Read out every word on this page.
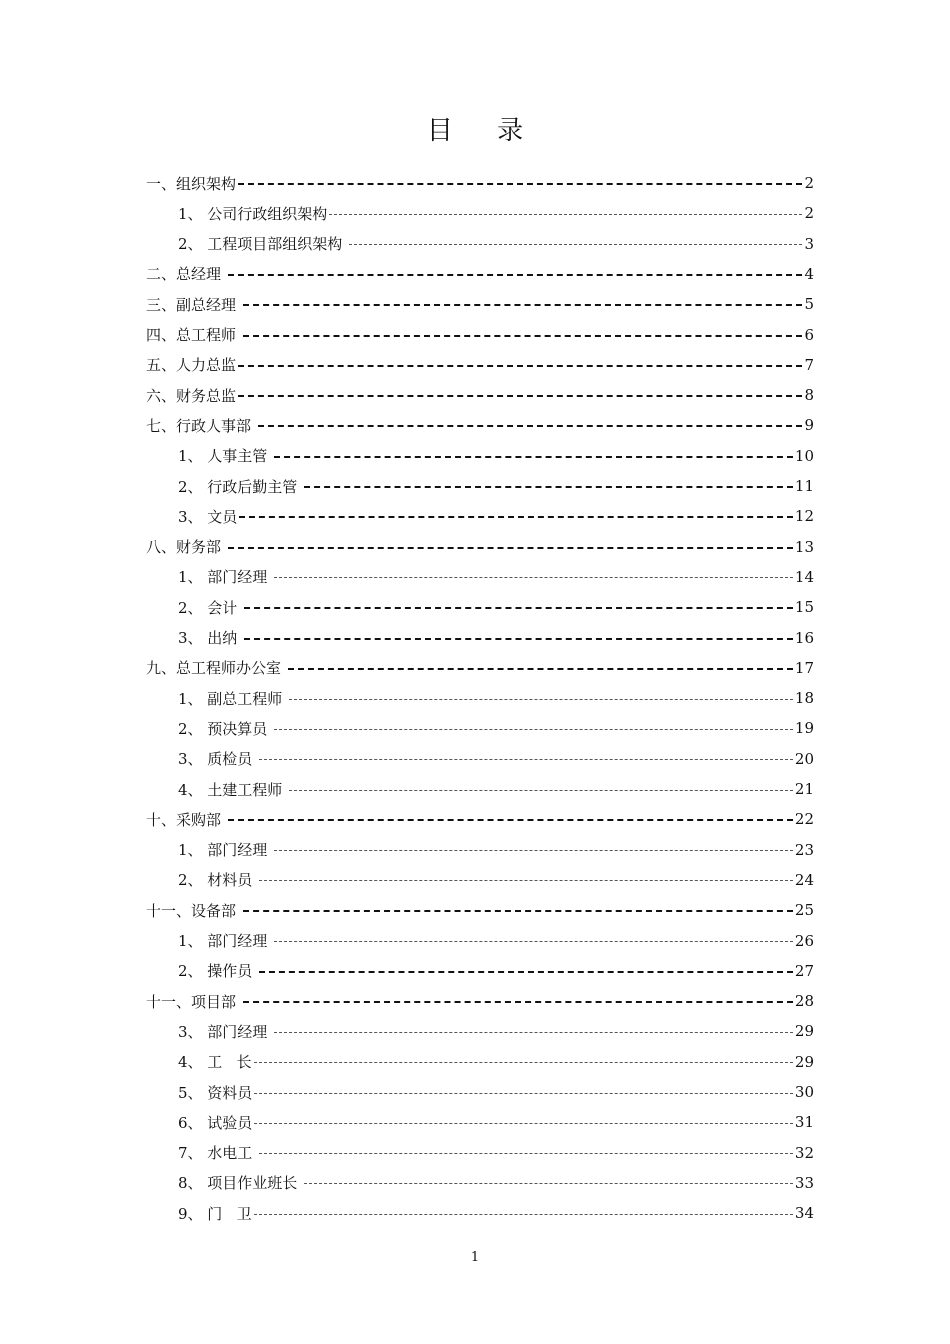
目 录
一、组织架构	2
1、 公司行政组织架构	2
2、 工程项目部组织架构	3
二、总经理	4
三、副总经理	5
四、总工程师	6
五、人力总监	7
六、财务总监	8
七、行政人事部	9
1、 人事主管	10
2、 行政后勤主管	11
3、 文员	12
八、财务部	13
1、 部门经理	14
2、 会计	15
3、 出纳	16
九、总工程师办公室	17
1、 副总工程师	18
2、 预决算员	19
3、 质检员	20
4、 土建工程师	21
十、采购部	22
1、 部门经理	23
2、 材料员	24
十一、设备部	25
1、 部门经理	26
2、 操作员	27
十一、项目部	28
3、 部门经理	29
4、 工   长	29
5、 资料员	30
6、 试验员	31
7、 水电工	32
8、 项目作业班长	33
9、 门   卫	34
1
